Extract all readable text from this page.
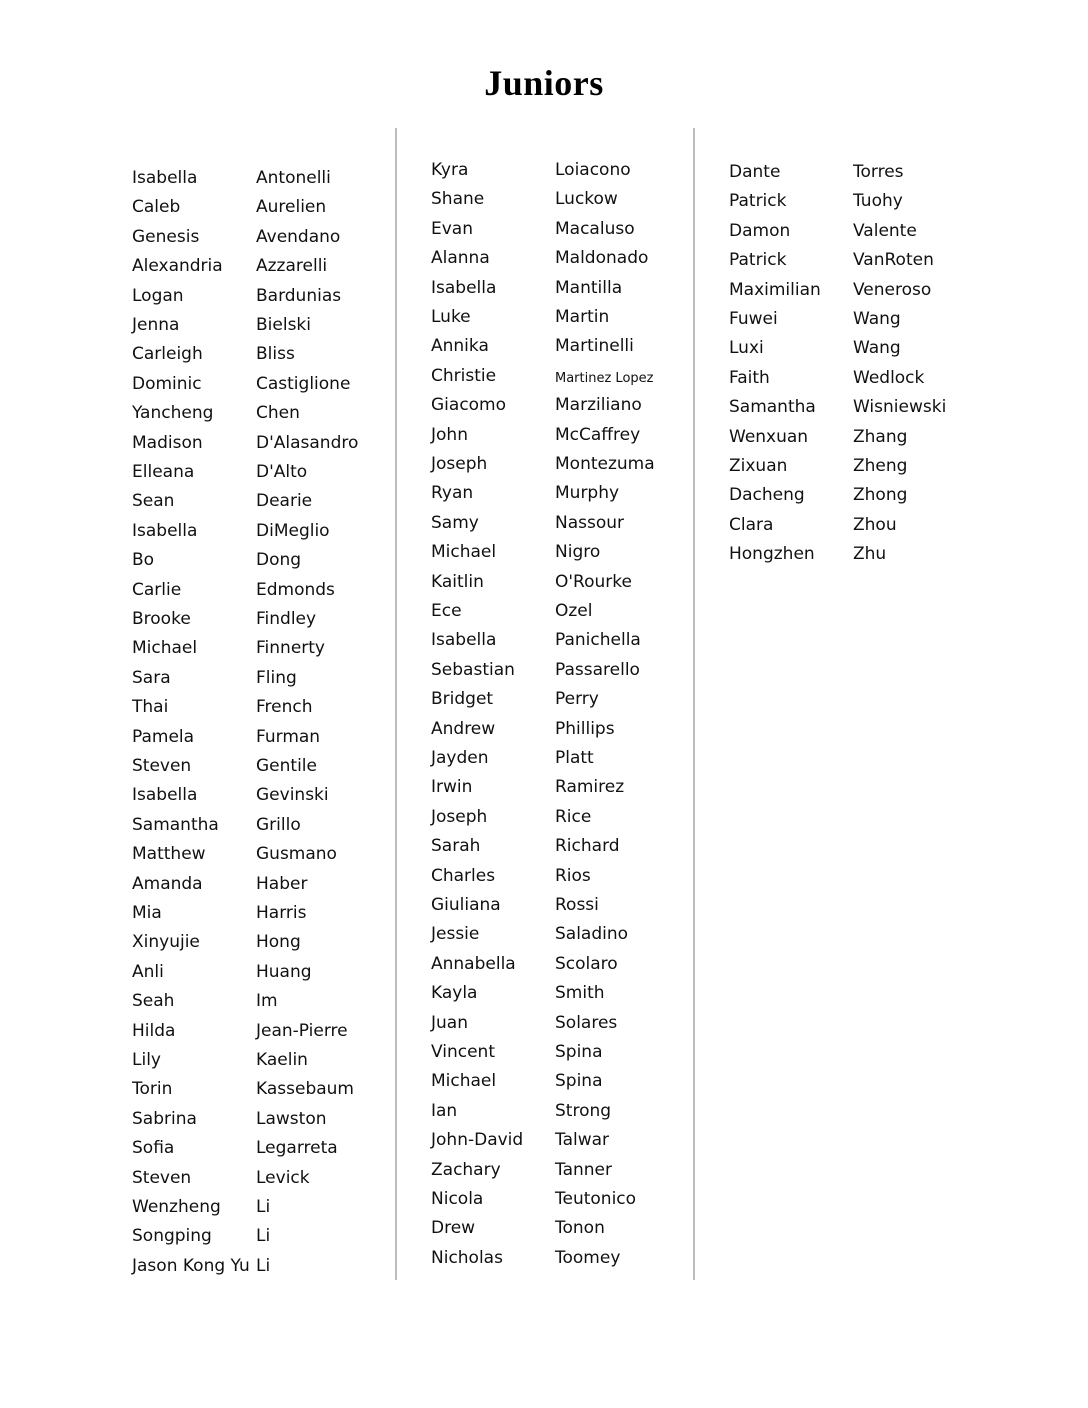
Juniors
Isabella	Antonelli
Caleb	Aurelien
Genesis	Avendano
Alexandria Azzarelli
Logan	Bardunias
Jenna	Bielski
Carleigh	Bliss
Dominic	Castiglione
Yancheng	Chen
Madison	D'Alasandro
Elleana	D'Alto
Sean	Dearie
Isabella	DiMeglio
Bo	Dong
Carlie	Edmonds
Brooke	Findley
Michael	Finnerty
Sara	Fling
Thai	French
Pamela	Furman
Steven	Gentile
Isabella	Gevinski
Samantha Grillo
Matthew	Gusmano
Amanda	Haber
Mia	Harris
Xinyujie	Hong
Anli	Huang
Seah	Im
Hilda	Jean-Pierre
Lily	Kaelin
Torin	Kassebaum
Sabrina	Lawston
Sofia	Legarreta
Steven	Levick
Wenzheng Li
Songping	Li
Jason Kong Yu Li
Kyra	Loiacono
Shane	Luckow
Evan	Macaluso
Alanna	Maldonado
Isabella	Mantilla
Luke	Martin
Annika	Martinelli
Christie	Martinez Lopez
Giacomo	Marziliano
John	McCaffrey
Joseph	Montezuma
Ryan	Murphy
Samy	Nassour
Michael	Nigro
Kaitlin	O'Rourke
Ece	Ozel
Isabella	Panichella
Sebastian Passarello
Bridget	Perry
Andrew	Phillips
Jayden	Platt
Irwin	Ramirez
Joseph	Rice
Sarah	Richard
Charles	Rios
Giuliana	Rossi
Jessie	Saladino
Annabella Scolaro
Kayla	Smith
Juan	Solares
Vincent	Spina
Michael	Spina
Ian	Strong
John-David Talwar
Zachary	Tanner
Nicola	Teutonico
Drew	Tonon
Nicholas	Toomey
Dante	Torres
Patrick	Tuohy
Damon	Valente
Patrick	VanRoten
Maximilian Veneroso
Fuwei	Wang
Luxi	Wang
Faith	Wedlock
Samantha Wisniewski
Wenxuan	Zhang
Zixuan	Zheng
Dacheng	Zhong
Clara	Zhou
Hongzhen Zhu
